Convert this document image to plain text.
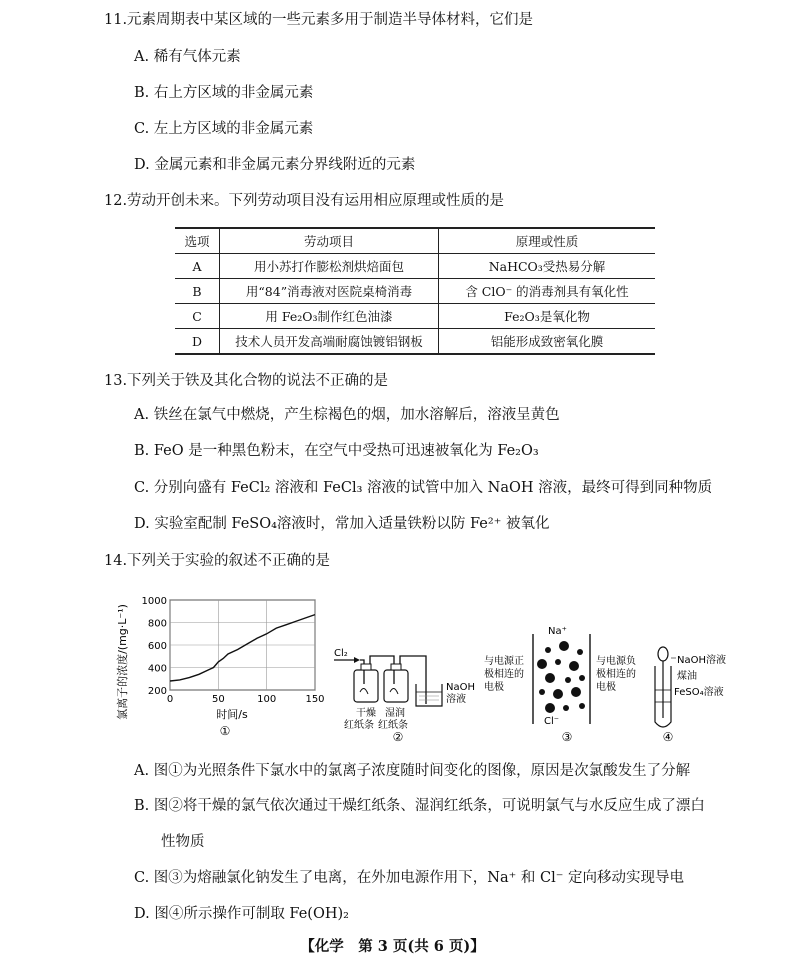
11.元素周期表中某区域的一些元素多用于制造半导体材料，它们是
A. 稀有气体元素
B. 右上方区域的非金属元素
C. 左上方区域的非金属元素
D. 金属元素和非金属元素分界线附近的元素
12.劳动开创未来。下列劳动项目没有运用相应原理或性质的是
选项	劳动项目	原理或性质
A	用小苏打作膨松剂烘焙面包	NaHCO₃受热易分解
B	用“84”消毒液对医院桌椅消毒	含 ClO⁻ 的消毒剂具有氧化性
C	用 Fe₂O₃制作红色油漆	Fe₂O₃是氧化物
D	技术人员开发高端耐腐蚀镀铝钢板	铝能形成致密氧化膜
13.下列关于铁及其化合物的说法不正确的是
A. 铁丝在氯气中燃烧，产生棕褐色的烟，加水溶解后，溶液呈黄色
B. FeO 是一种黑色粉末，在空气中受热可迅速被氧化为 Fe₂O₃
C. 分别向盛有 FeCl₂ 溶液和 FeCl₃ 溶液的试管中加入 NaOH 溶液，最终可得到同种物质
D. 实验室配制 FeSO₄溶液时，常加入适量铁粉以防 Fe²⁺ 被氧化
14.下列关于实验的叙述不正确的是
1000
800
600
400
200
0	50	100	150
氯离子的浓度/(mg·L⁻¹)	时间/s
①
Cl₂
NaOH
溶液
干燥 湿润
红纸条 红纸条
②
与电源正
极相连的
电极
Na⁺
Cl⁻
与电源负
极相连的
电极
③
NaOH溶液
煤油
FeSO₄溶液
④
A. 图①为光照条件下氯水中的氯离子浓度随时间变化的图像，原因是次氯酸发生了分解
B. 图②将干燥的氯气依次通过干燥红纸条、湿润红纸条，可说明氯气与水反应生成了漂白
性物质
C. 图③为熔融氯化钠发生了电离，在外加电源作用下，Na⁺ 和 Cl⁻ 定向移动实现导电
D. 图④所示操作可制取 Fe(OH)₂
【化学　第 3 页(共 6 页)】
